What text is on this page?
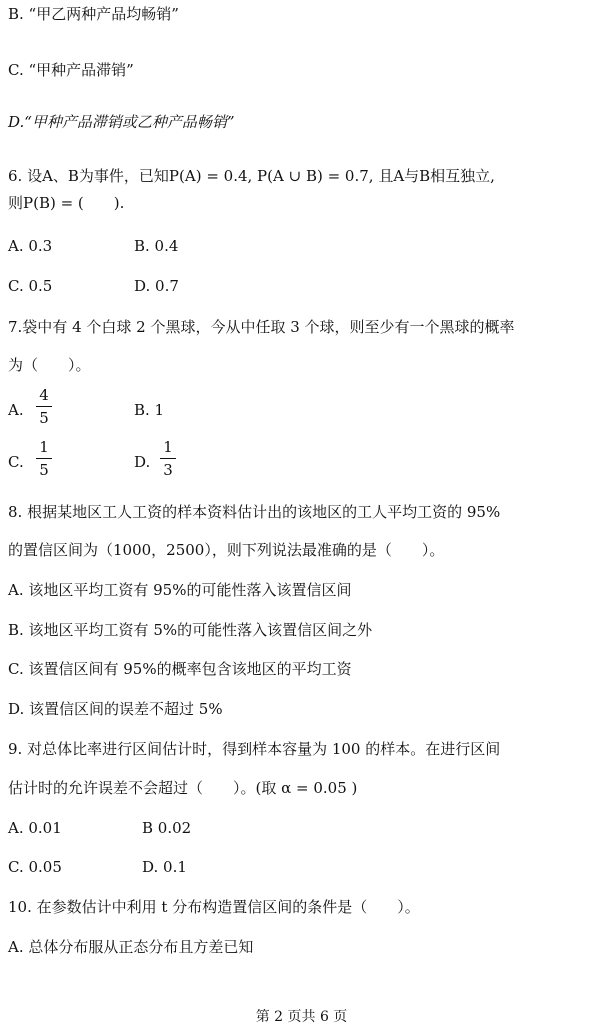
B. “甲乙两种产品均畅销”
C. “甲种产品滞销”
D.“甲种产品滞销或乙种产品畅销”
6. 设A、B为事件，已知P(A) = 0.4, P(A ∪ B) = 0.7, 且A与B相互独立,
则P(B) = (　　).
A. 0.3	B. 0.4
C. 0.5	D. 0.7
7.袋中有 4 个白球 2 个黑球，今从中任取 3 个球，则至少有一个黑球的概率
为（　　）。
A.
4
5	B. 1
C.
1
5	D.
1
3
8. 根据某地区工人工资的样本资料估计出的该地区的工人平均工资的 95%
的置信区间为（1000，2500），则下列说法最准确的是（　　）。
A. 该地区平均工资有 95%的可能性落入该置信区间
B. 该地区平均工资有 5%的可能性落入该置信区间之外
C. 该置信区间有 95%的概率包含该地区的平均工资
D. 该置信区间的误差不超过 5%
9. 对总体比率进行区间估计时，得到样本容量为 100 的样本。在进行区间
估计时的允许误差不会超过（　　）。(取 α = 0.05 )
A. 0.01	B 0.02
C. 0.05	D. 0.1
10. 在参数估计中利用 t 分布构造置信区间的条件是（　　）。
A. 总体分布服从正态分布且方差已知
第 2 页共 6 页
